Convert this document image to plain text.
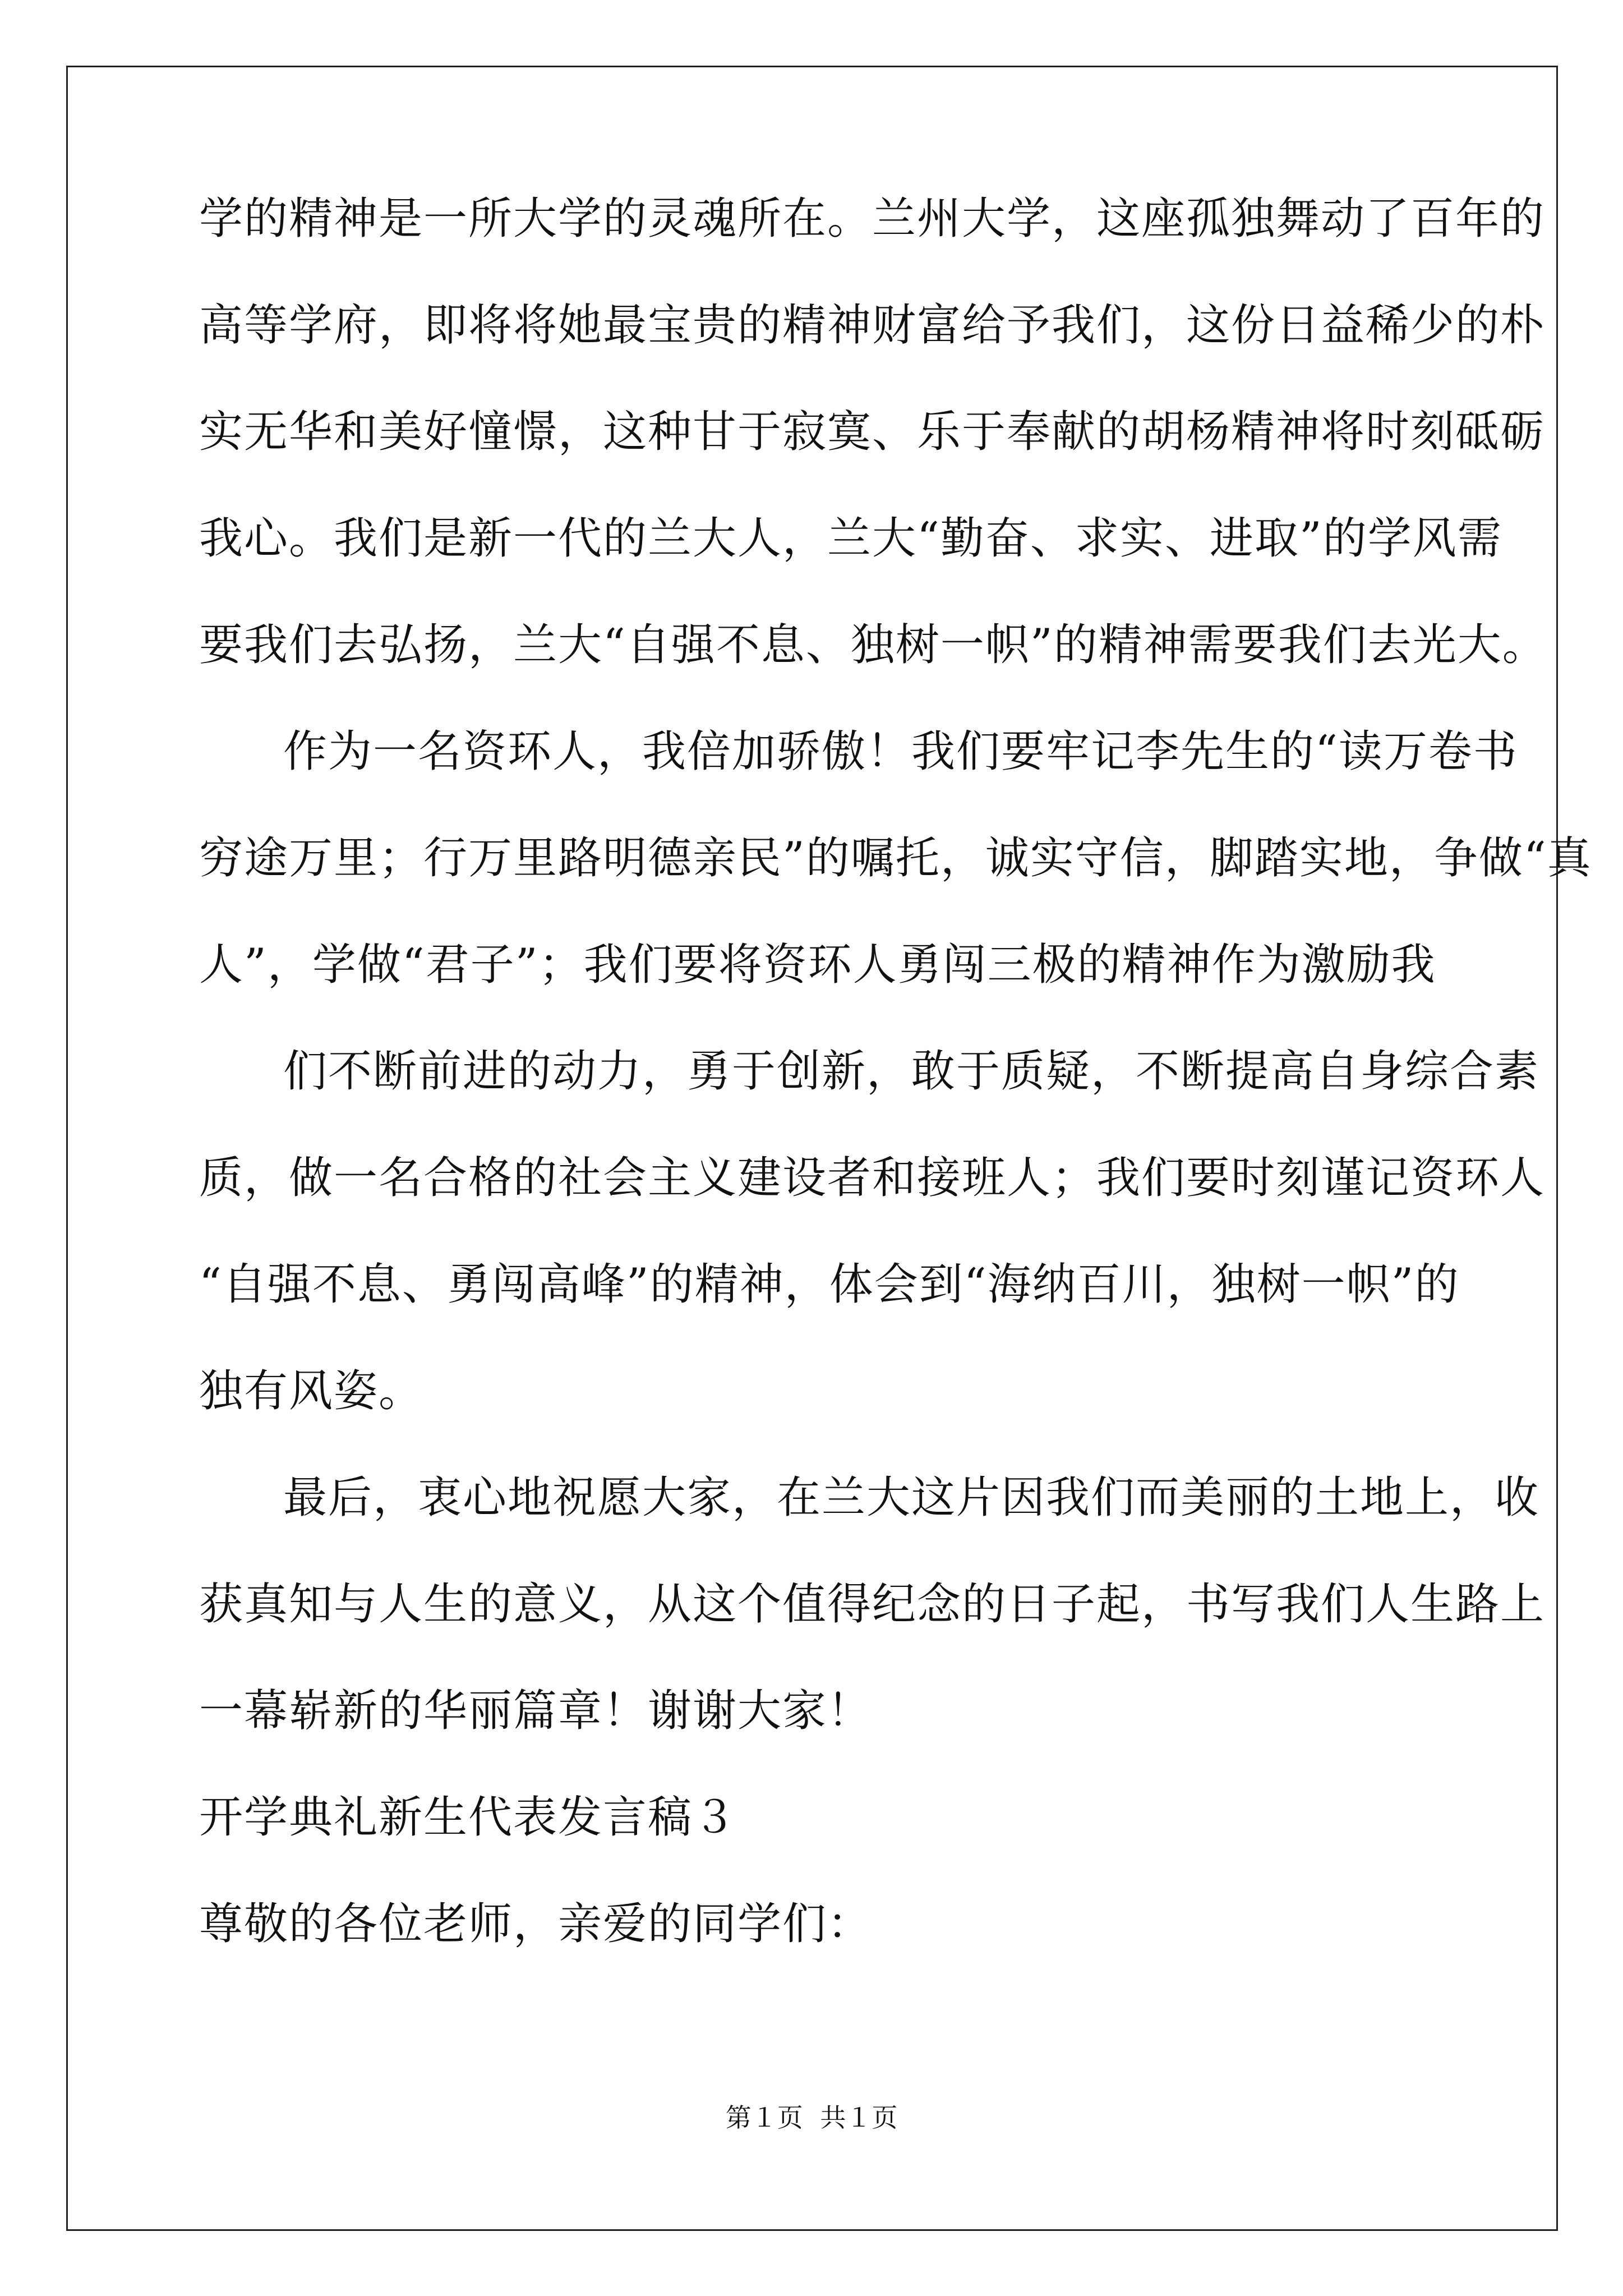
学的精神是一所大学的灵魂所在。兰州大学，这座孤独舞动了百年的
高等学府，即将将她最宝贵的精神财富给予我们，这份日益稀少的朴
实无华和美好憧憬，这种甘于寂寞、乐于奉献的胡杨精神将时刻砥砺
我心。我们是新一代的兰大人，兰大“勤奋、求实、进取”的学风需
要我们去弘扬，兰大“自强不息、独树一帜”的精神需要我们去光大。
作为一名资环人，我倍加骄傲！我们要牢记李先生的“读万卷书
穷途万里；行万里路明德亲民”的嘱托，诚实守信，脚踏实地，争做“真
人”，学做“君子”；我们要将资环人勇闯三极的精神作为激励我
们不断前进的动力，勇于创新，敢于质疑，不断提高自身综合素
质，做一名合格的社会主义建设者和接班人；我们要时刻谨记资环人
“自强不息、勇闯高峰”的精神，体会到“海纳百川，独树一帜”的
独有风姿。
最后，衷心地祝愿大家，在兰大这片因我们而美丽的土地上，收
获真知与人生的意义，从这个值得纪念的日子起，书写我们人生路上
一幕崭新的华丽篇章！谢谢大家！
开学典礼新生代表发言稿３
尊敬的各位老师，亲爱的同学们：
第１页 共１页
